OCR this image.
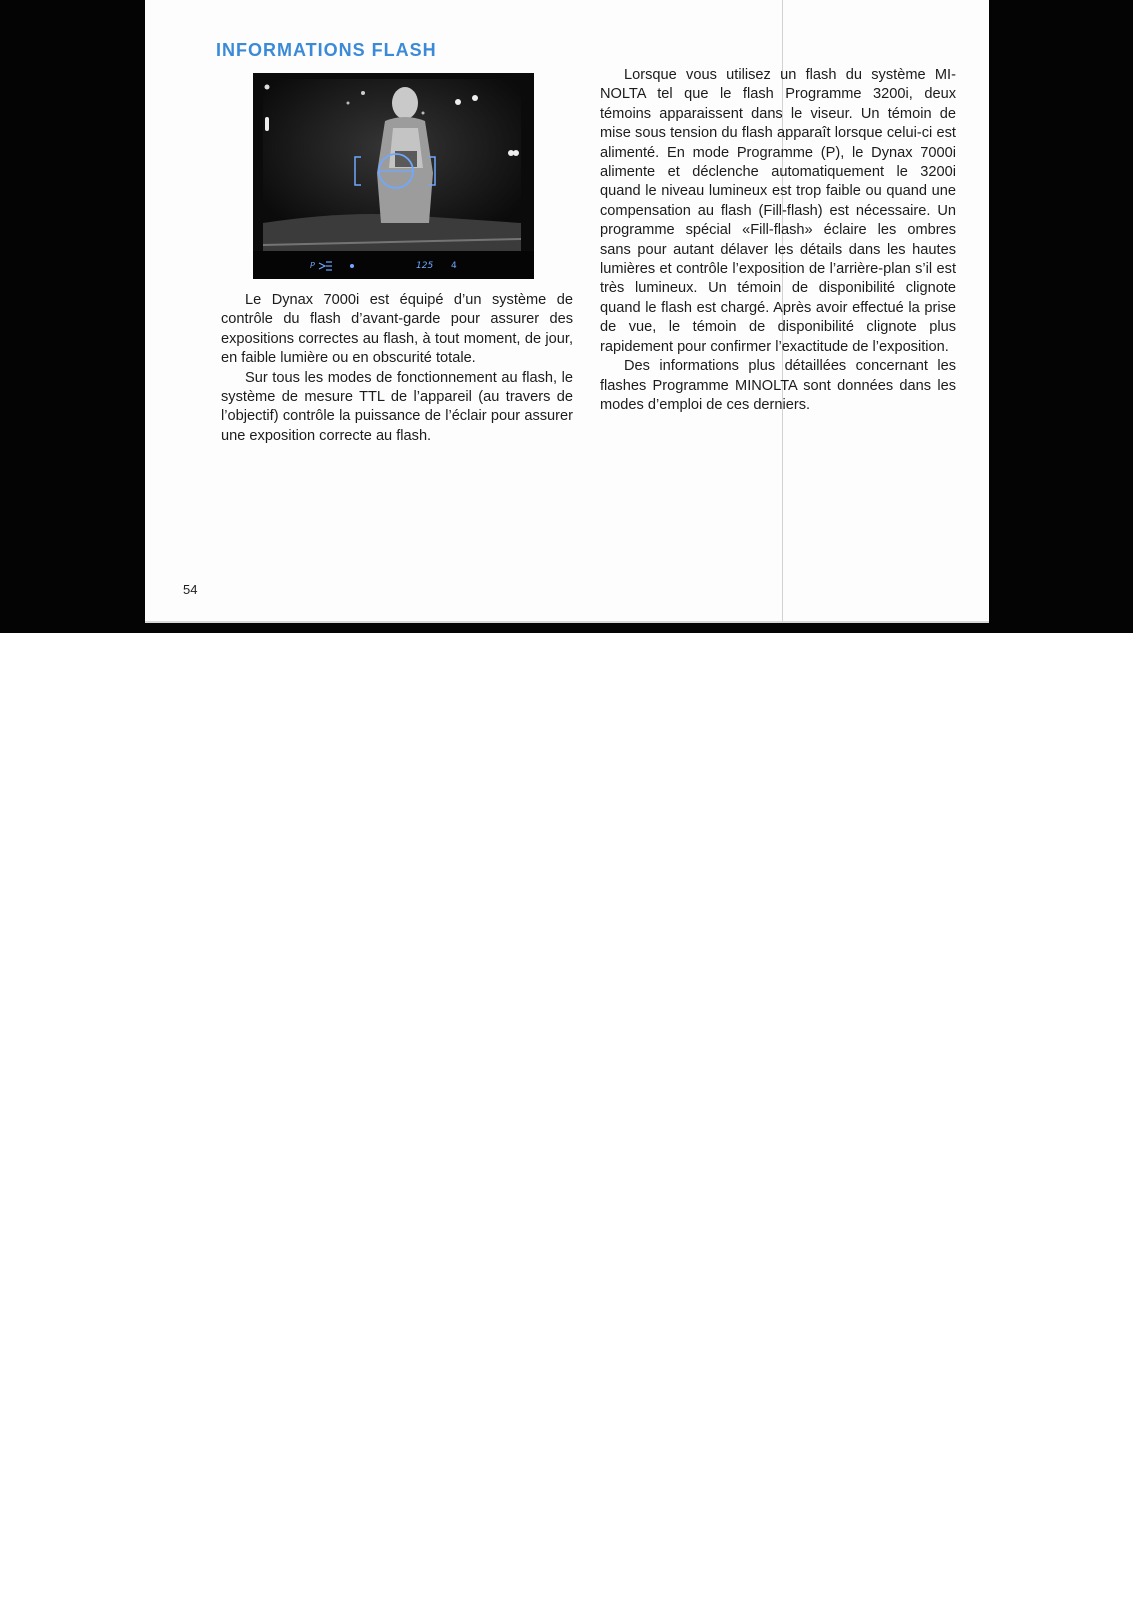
INFORMATIONS FLASH
P	125 4

Le Dynax 7000i est équipé d’un système de contrôle du flash d’avant-garde pour assurer des expositions correctes au flash, à tout moment, de jour, en faible lumière ou en obscurité totale.

Sur tous les modes de fonctionnement au flash, le système de mesure TTL de l’appareil (au travers de l’objectif) contrôle la puissance de l’éclair pour assurer une exposition correcte au flash.

Lorsque vous utilisez un flash du système MINOLTA tel que le flash Programme 3200i, deux témoins apparaissent dans le viseur. Un témoin de mise sous tension du flash apparaît lorsque celui-ci est alimenté. En mode Programme (P), le Dynax 7000i alimente et déclenche automatiquement le 3200i quand le niveau lumineux est trop faible ou quand une compensation au flash (Fill-flash) est nécessaire. Un programme spécial «Fill-flash» éclaire les ombres sans pour autant délaver les détails dans les hautes lumières et contrôle l’exposition de l’arrière-plan s’il est très lumineux. Un témoin de disponibilité clignote quand le flash est chargé. Après avoir effectué la prise de vue, le témoin de disponibilité clignote plus rapidement pour confirmer l’exactitude de l’exposition.

Des informations plus détaillées concernant les flashes Programme MINOLTA sont données dans les modes d’emploi de ces derniers.

54
